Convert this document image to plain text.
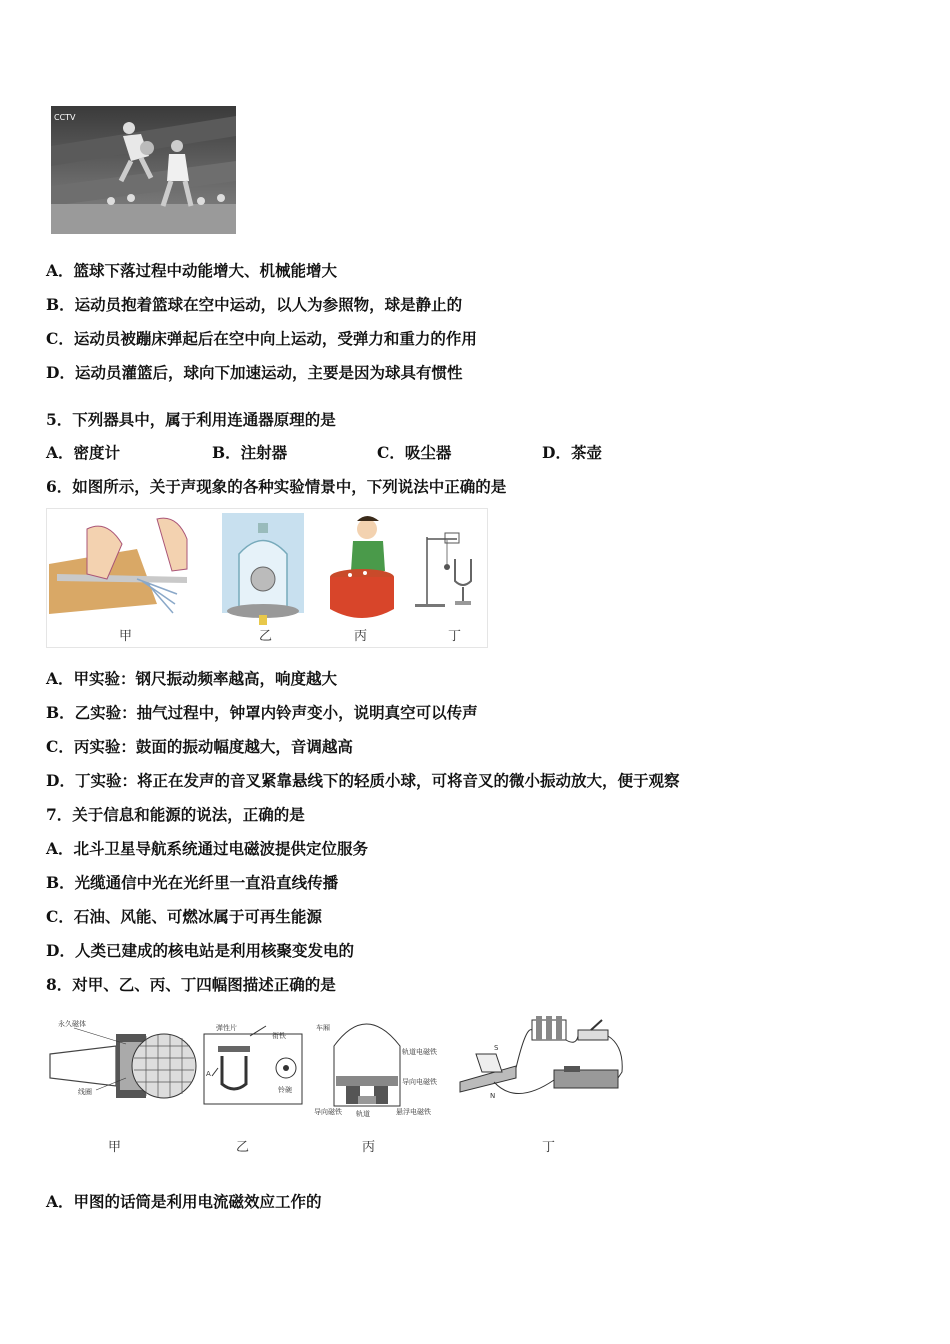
CCTV
A．篮球下落过程中动能增大、机械能增大
B．运动员抱着篮球在空中运动，以人为参照物，球是静止的
C．运动员被蹦床弹起后在空中向上运动，受弹力和重力的作用
D．运动员灌篮后，球向下加速运动，主要是因为球具有惯性
5．下列器具中，属于利用连通器原理的是
A．密度计	B．注射器	C．吸尘器	D．茶壶
6．如图所示，关于声现象的各种实验情景中，下列说法中正确的是
甲	乙	丙	丁
A．甲实验：钢尺振动频率越高，响度越大
B．乙实验：抽气过程中，钟罩内铃声变小，说明真空可以传声
C．丙实验：鼓面的振动幅度越大，音调越高
D．丁实验：将正在发声的音叉紧靠悬线下的轻质小球，可将音叉的微小振动放大，便于观察
7．关于信息和能源的说法，正确的是
A．北斗卫星导航系统通过电磁波提供定位服务
B．光缆通信中光在光纤里一直沿直线传播
C．石油、风能、可燃冰属于可再生能源
D．人类已建成的核电站是利用核聚变发电的
8．对甲、乙、丙、丁四幅图描述正确的是
永久磁体
线圈
弹性片
衔铁
A
铃碗
车厢
轨道电磁铁
导向电磁铁
导向磁铁 轨道	悬浮电磁铁
S
N
甲	乙	丙	丁
A．甲图的话筒是利用电流磁效应工作的
